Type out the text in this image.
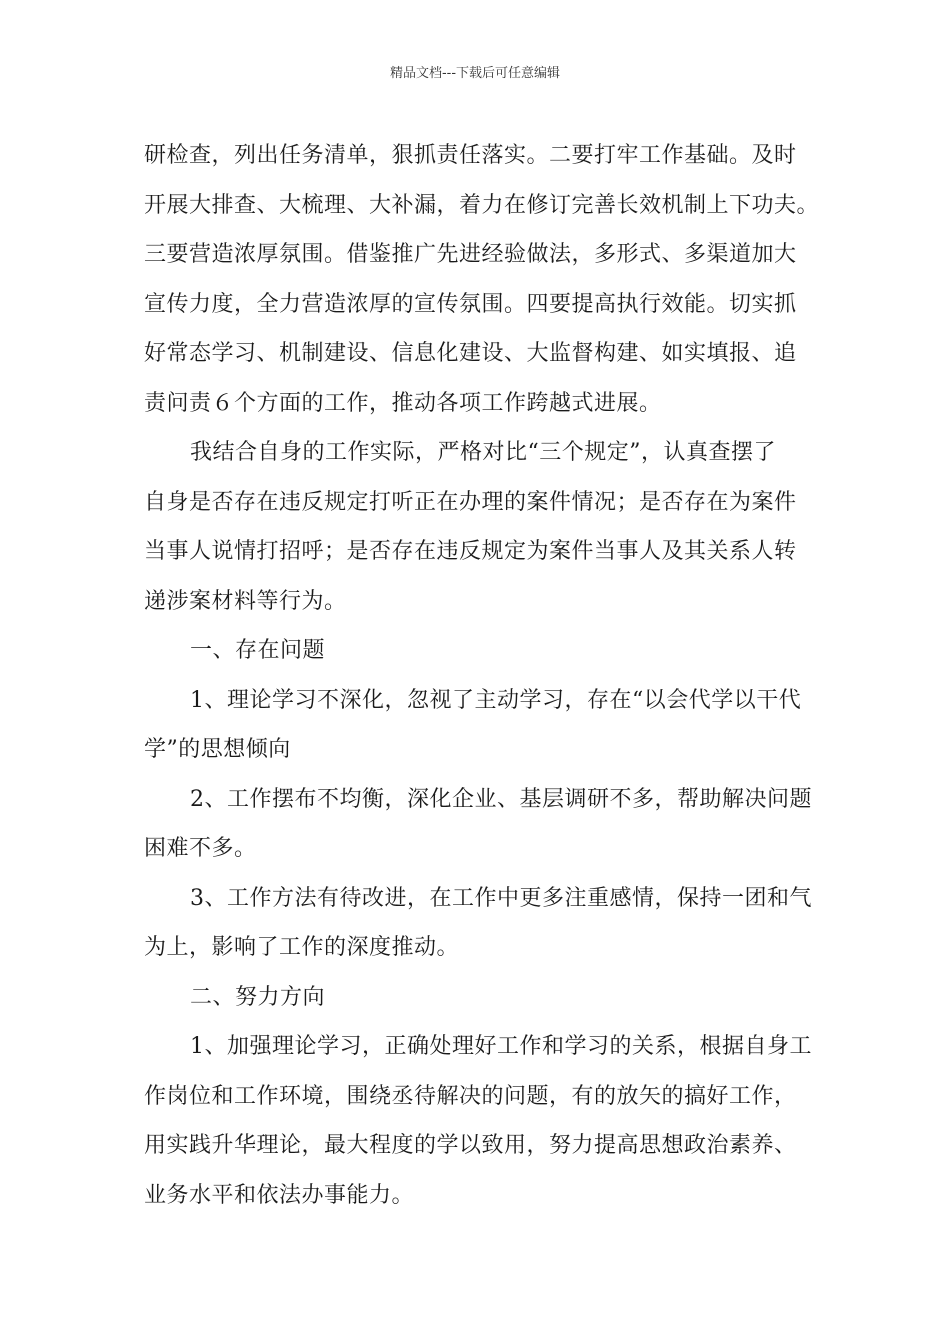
精品文档---下载后可任意编辑
研检查，列出任务清单，狠抓责任落实。二要打牢工作基础。及时
开展大排查、大梳理、大补漏，着力在修订完善长效机制上下功夫。
三要营造浓厚氛围。借鉴推广先进经验做法，多形式、多渠道加大
宣传力度，全力营造浓厚的宣传氛围。四要提高执行效能。切实抓
好常态学习、机制建设、信息化建设、大监督构建、如实填报、追
责问责６个方面的工作，推动各项工作跨越式进展。
我结合自身的工作实际，严格对比“三个规定”，认真查摆了
自身是否存在违反规定打听正在办理的案件情况；是否存在为案件
当事人说情打招呼；是否存在违反规定为案件当事人及其关系人转
递涉案材料等行为。
一、存在问题
1、理论学习不深化，忽视了主动学习，存在“以会代学以干代
学”的思想倾向
2、工作摆布不均衡，深化企业、基层调研不多，帮助解决问题
困难不多。
3、工作方法有待改进，在工作中更多注重感情，保持一团和气
为上，影响了工作的深度推动。
二、努力方向
1、加强理论学习，正确处理好工作和学习的关系，根据自身工
作岗位和工作环境，围绕丞待解决的问题，有的放矢的搞好工作，
用实践升华理论，最大程度的学以致用，努力提高思想政治素养、
业务水平和依法办事能力。
